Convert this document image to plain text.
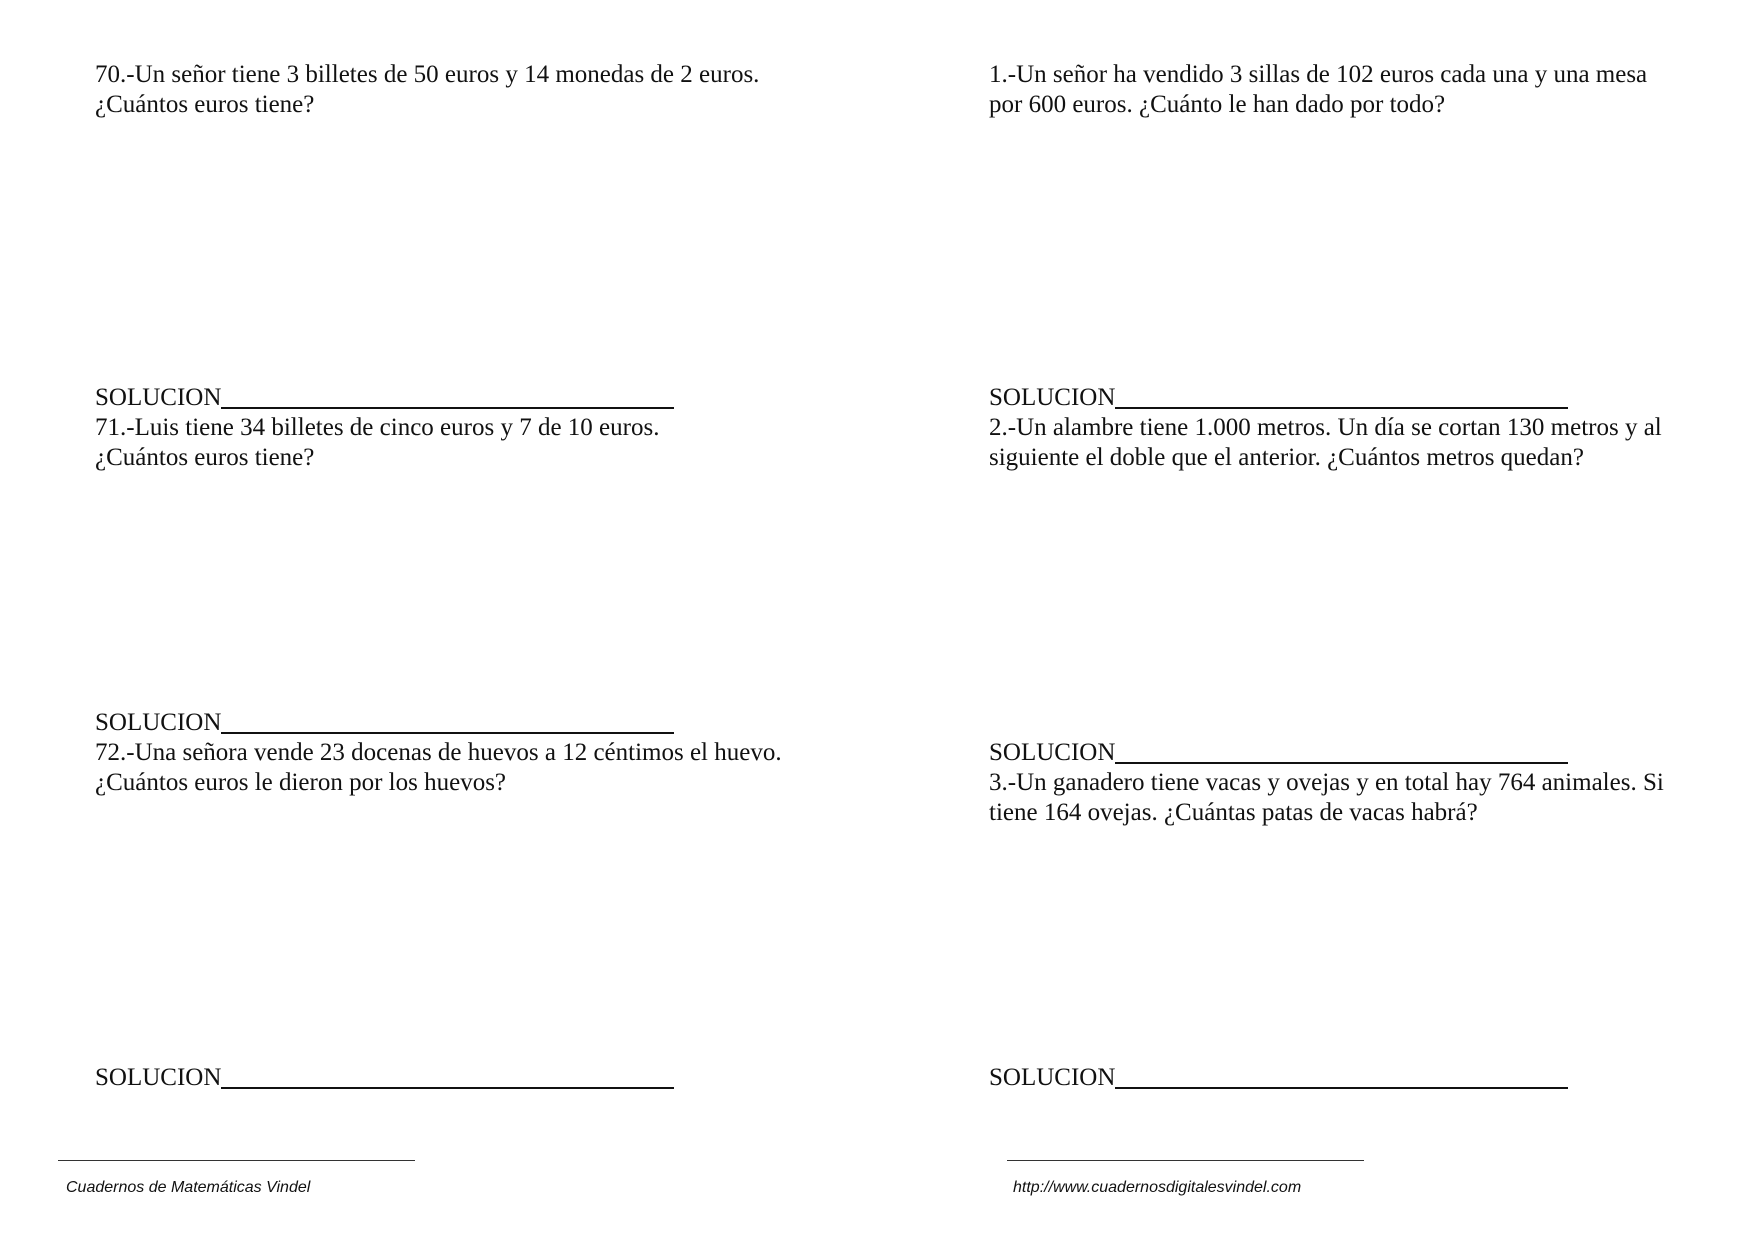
70.-Un señor tiene 3 billetes de 50 euros y 14 monedas de 2 euros.
¿Cuántos euros tiene?

SOLUCION

71.-Luis tiene 34 billetes de cinco euros y 7 de 10 euros.
¿Cuántos euros tiene?

SOLUCION

72.-Una señora vende 23 docenas de huevos a 12 céntimos el huevo.
¿Cuántos euros le dieron por los huevos?

SOLUCION

1.-Un señor ha vendido 3 sillas de 102 euros cada una y una mesa
por 600 euros. ¿Cuánto le han dado por todo?

SOLUCION

2.-Un alambre tiene 1.000 metros. Un día se cortan 130 metros y al
siguiente el doble que el anterior. ¿Cuántos metros quedan?

SOLUCION

3.-Un ganadero tiene vacas y ovejas y en total hay 764 animales. Si
tiene 164 ovejas. ¿Cuántas patas de vacas habrá?

SOLUCION
Cuadernos de Matemáticas Vindel	http://www.cuadernosdigitalesvindel.com
